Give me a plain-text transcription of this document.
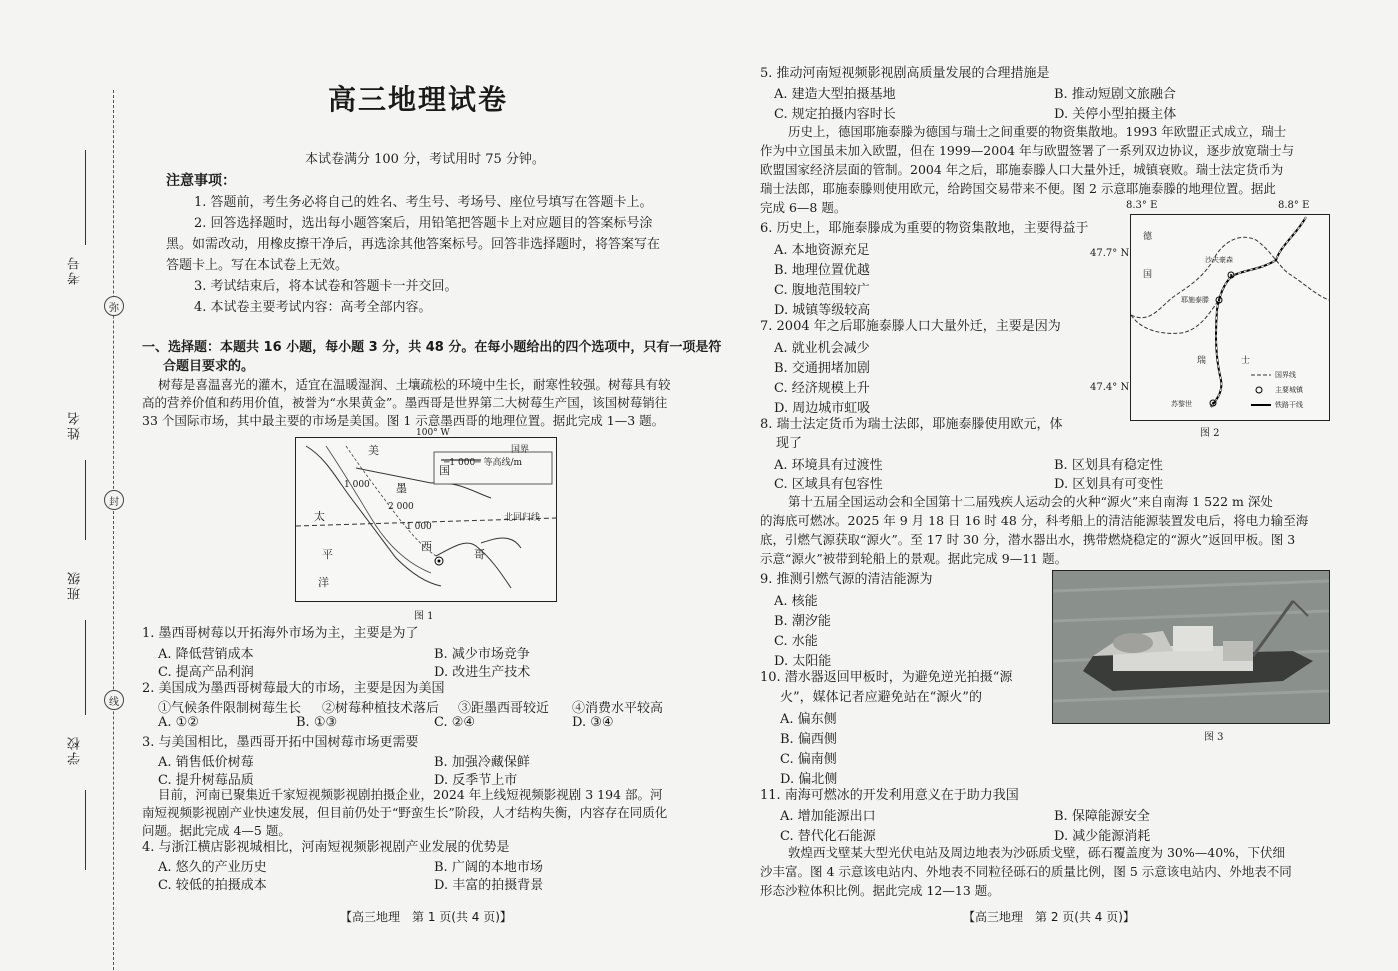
考号
姓名
班级
学校
弥
封
线
高三地理试卷
本试卷满分 100 分，考试用时 75 分钟。
注意事项：
1. 答题前，考生务必将自己的姓名、考生号、考场号、座位号填写在答题卡上。
2. 回答选择题时，选出每小题答案后，用铅笔把答题卡上对应题目的答案标号涂
黑。如需改动，用橡皮擦干净后，再选涂其他答案标号。回答非选择题时，将答案写在
答题卡上。写在本试卷上无效。
3. 考试结束后，将本试卷和答题卡一并交回。
4. 本试卷主要考试内容：高考全部内容。
一、选择题：本题共 16 小题，每小题 3 分，共 48 分。在每小题给出的四个选项中，只有一项是符
合题目要求的。
树莓是喜温喜光的灌木，适宜在温暖湿润、土壤疏松的环境中生长，耐寒性较强。树莓具有较
高的营养价值和药用价值，被誉为“水果黄金”。墨西哥是世界第二大树莓生产国，该国树莓销往
33 个国际市场，其中最主要的市场是美国。图 1 示意墨西哥的地理位置。据此完成 1—3 题。
100° W
国界
─1 000─ 等高线/m
美
国
墨
西
哥
太
平
洋
北回归线
1 000
2 000
1 000
图 1
1. 墨西哥树莓以开拓海外市场为主，主要是为了
A. 降低营销成本	B. 减少市场竞争
C. 提高产品利润	D. 改进生产技术
2. 美国成为墨西哥树莓最大的市场，主要是因为美国
①气候条件限制树莓生长 ②树莓种植技术落后 ③距墨西哥较近 ④消费水平较高
A. ①②	B. ①③	C. ②④	D. ③④
3. 与美国相比，墨西哥开拓中国树莓市场更需要
A. 销售低价树莓	B. 加强冷藏保鲜
C. 提升树莓品质	D. 反季节上市
目前，河南已聚集近千家短视频影视剧拍摄企业，2024 年上线短视频影视剧 3 194 部。河
南短视频影视剧产业快速发展，但目前仍处于“野蛮生长”阶段，人才结构失衡，内容存在同质化
问题。据此完成 4—5 题。
4. 与浙江横店影视城相比，河南短视频影视剧产业发展的优势是
A. 悠久的产业历史	B. 广阔的本地市场
C. 较低的拍摄成本	D. 丰富的拍摄背景
【高三地理　第 1 页(共 4 页)】
5. 推动河南短视频影视剧高质量发展的合理措施是
A. 建造大型拍摄基地	B. 推动短剧文旅融合
C. 规定拍摄内容时长	D. 关停小型拍摄主体
历史上，德国耶施泰滕为德国与瑞士之间重要的物资集散地。1993 年欧盟正式成立，瑞士
作为中立国虽未加入欧盟，但在 1999—2004 年与欧盟签署了一系列双边协议，逐步放宽瑞士与
欧盟国家经济层面的管制。2004 年之后，耶施泰滕人口大量外迁，城镇衰败。瑞士法定货币为
瑞士法郎，耶施泰滕则使用欧元，给跨国交易带来不便。图 2 示意耶施泰滕的地理位置。据此
完成 6—8 题。	8.3° E	8.8° E
47.7° N
47.4° N
德
国
瑞	士
沙夫豪森
耶施泰滕
苏黎世
国界线
主要城镇
铁路干线
图 2
6. 历史上，耶施泰滕成为重要的物资集散地，主要得益于
A. 本地资源充足
B. 地理位置优越
C. 腹地范围较广
D. 城镇等级较高
7. 2004 年之后耶施泰滕人口大量外迁，主要是因为
A. 就业机会减少
B. 交通拥堵加剧
C. 经济规模上升
D. 周边城市虹吸
8. 瑞士法定货币为瑞士法郎，耶施泰滕使用欧元，体
现了
A. 环境具有过渡性	B. 区划具有稳定性
C. 区域具有包容性	D. 区划具有可变性
第十五届全国运动会和全国第十二届残疾人运动会的火种“源火”来自南海 1 522 m 深处
的海底可燃冰。2025 年 9 月 18 日 16 时 48 分，科考船上的清洁能源装置发电后，将电力输至海
底，引燃气源获取“源火”。至 17 时 30 分，潜水器出水，携带燃烧稳定的“源火”返回甲板。图 3
示意“源火”被带到轮船上的景观。据此完成 9—11 题。
9. 推测引燃气源的清洁能源为
A. 核能
B. 潮汐能
C. 水能
D. 太阳能
图 3
10. 潜水器返回甲板时，为避免逆光拍摄“源
火”，媒体记者应避免站在“源火”的
A. 偏东侧
B. 偏西侧
C. 偏南侧
D. 偏北侧
11. 南海可燃冰的开发利用意义在于助力我国
A. 增加能源出口	B. 保障能源安全
C. 替代化石能源	D. 减少能源消耗
敦煌西戈壁某大型光伏电站及周边地表为沙砾质戈壁，砾石覆盖度为 30%—40%，下伏细
沙丰富。图 4 示意该电站内、外地表不同粒径砾石的质量比例，图 5 示意该电站内、外地表不同
形态沙粒体积比例。据此完成 12—13 题。
【高三地理　第 2 页(共 4 页)】
